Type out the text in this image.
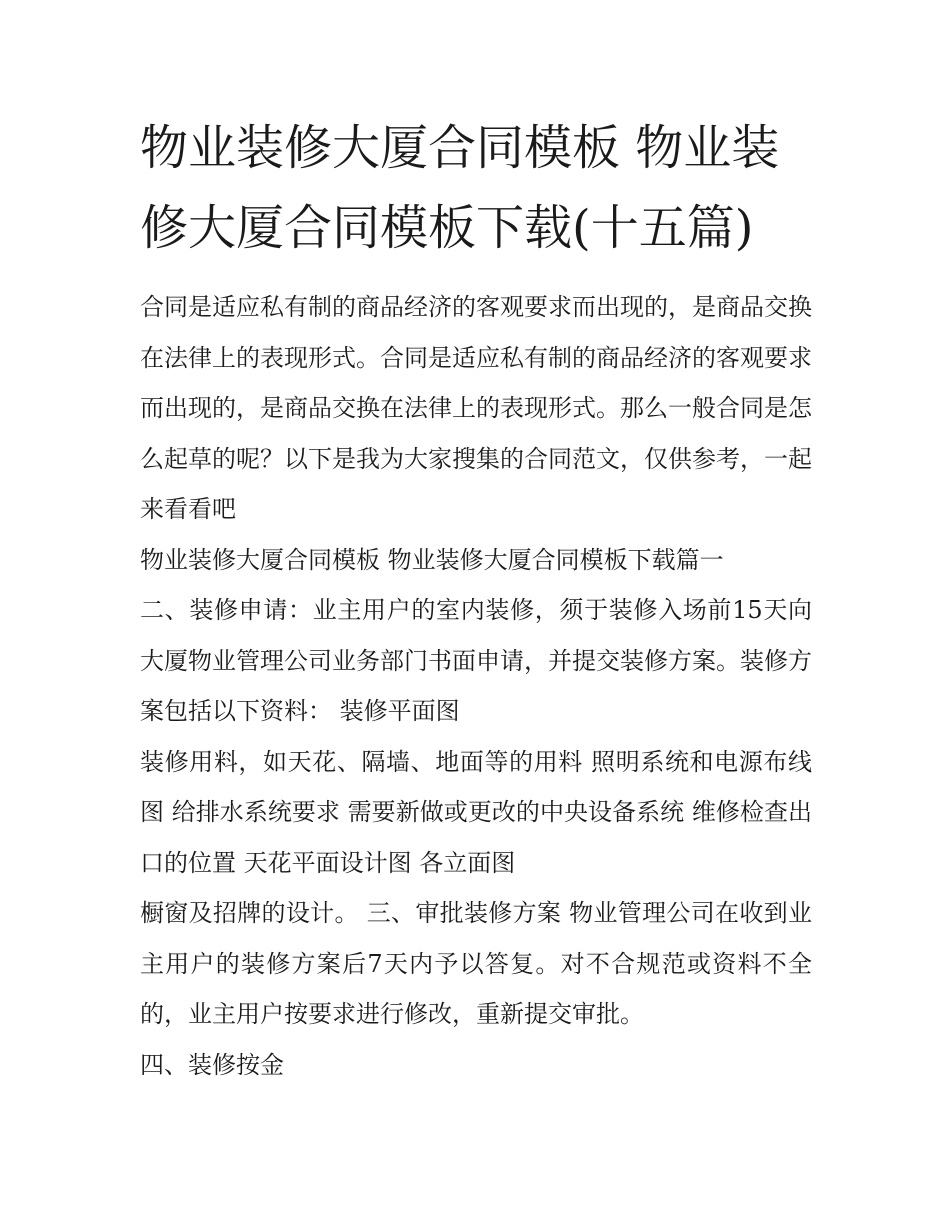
物业装修大厦合同模板 物业装修大厦合同模板下载(十五篇)

合同是适应私有制的商品经济的客观要求而出现的，是商品交换在法律上的表现形式。合同是适应私有制的商品经济的客观要求而出现的，是商品交换在法律上的表现形式。那么一般合同是怎么起草的呢？以下是我为大家搜集的合同范文，仅供参考，一起来看看吧

物业装修大厦合同模板 物业装修大厦合同模板下载篇一

二、装修申请：业主用户的室内装修，须于装修入场前15天向大厦物业管理公司业务部门书面申请，并提交装修方案。装修方案包括以下资料： 装修平面图

装修用料，如天花、隔墙、地面等的用料 照明系统和电源布线图 给排水系统要求 需要新做或更改的中央设备系统 维修检查出口的位置 天花平面设计图 各立面图

橱窗及招牌的设计。 三、审批装修方案 物业管理公司在收到业主用户的装修方案后7天内予以答复。对不合规范或资料不全的，业主用户按要求进行修改，重新提交审批。

四、装修按金
